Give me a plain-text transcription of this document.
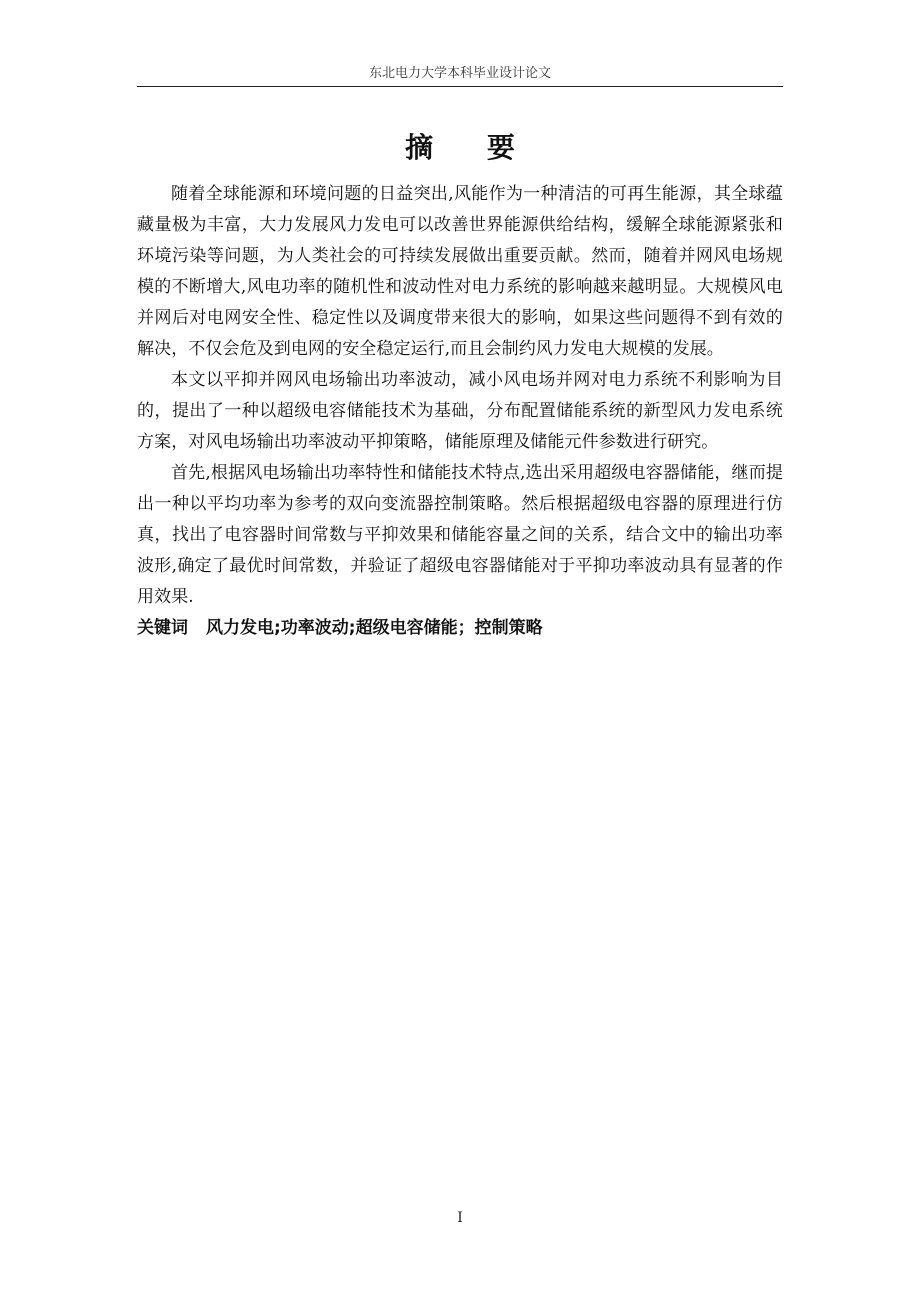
东北电力大学本科毕业设计论文
摘 要

随着全球能源和环境问题的日益突出,风能作为一种清洁的可再生能源，其全球蕴藏量极为丰富，大力发展风力发电可以改善世界能源供给结构，缓解全球能源紧张和环境污染等问题，为人类社会的可持续发展做出重要贡献。然而，随着并网风电场规模的不断增大,风电功率的随机性和波动性对电力系统的影响越来越明显。大规模风电并网后对电网安全性、稳定性以及调度带来很大的影响，如果这些问题得不到有效的解决，不仅会危及到电网的安全稳定运行,而且会制约风力发电大规模的发展。

本文以平抑并网风电场输出功率波动，减小风电场并网对电力系统不利影响为目的，提出了一种以超级电容储能技术为基础，分布配置储能系统的新型风力发电系统方案，对风电场输出功率波动平抑策略，储能原理及储能元件参数进行研究。

首先,根据风电场输出功率特性和储能技术特点,选出采用超级电容器储能，继而提出一种以平均功率为参考的双向变流器控制策略。然后根据超级电容器的原理进行仿真，找出了电容器时间常数与平抑效果和储能容量之间的关系，结合文中的输出功率波形,确定了最优时间常数，并验证了超级电容器储能对于平抑功率波动具有显著的作用效果.

关键词 风力发电;功率波动;超级电容储能；控制策略

I
